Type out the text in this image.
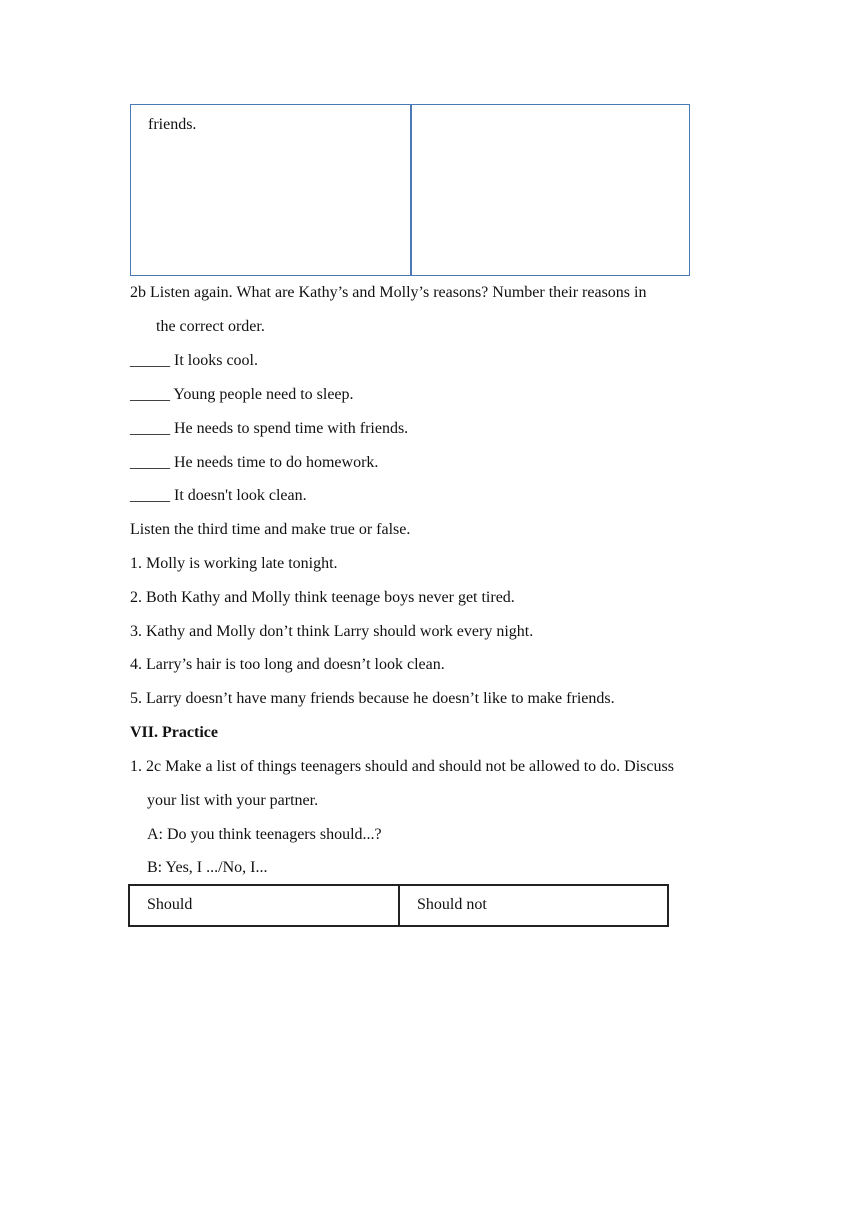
friends.
2b Listen again. What are Kathy’s and Molly’s reasons? Number their reasons in
the correct order.
_____ It looks cool.
_____ Young people need to sleep.
_____ He needs to spend time with friends.
_____ He needs time to do homework.
_____ It doesn't look clean.
Listen the third time and make true or false.
1. Molly is working late tonight.
2. Both Kathy and Molly think teenage boys never get tired.
3. Kathy and Molly don’t think Larry should work every night.
4. Larry’s hair is too long and doesn’t look clean.
5. Larry doesn’t have many friends because he doesn’t like to make friends.
VII. Practice
1. 2c Make a list of things teenagers should and should not be allowed to do. Discuss
your list with your partner.
A: Do you think teenagers should...?
B: Yes, I .../No, I...
Should	Should not
